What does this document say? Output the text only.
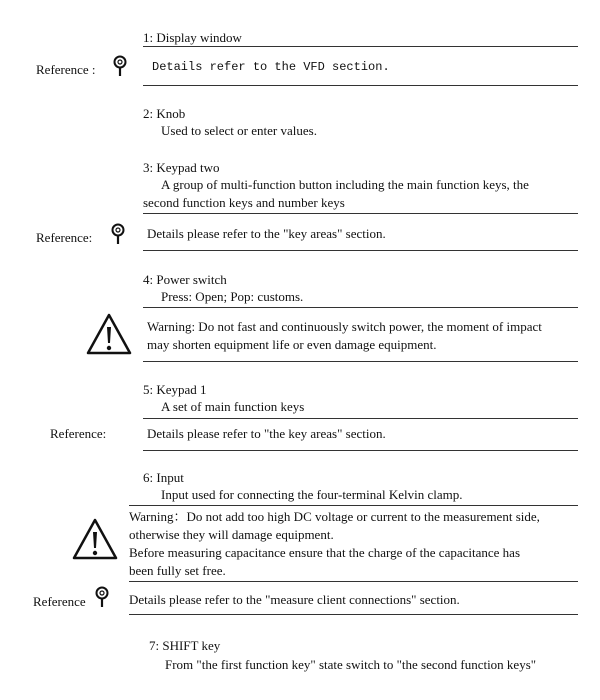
1: Display window
Reference :	Details refer to the VFD section.
2: Knob
Used to select or enter values.
3: Keypad two
A group of multi-function button including the main function keys, the
second function keys and number keys
Reference:	Details please refer to the "key areas" section.
4: Power switch
Press: Open; Pop: customs.
Warning: Do not fast and continuously switch power, the moment of impact
may shorten equipment life or even damage equipment.
5: Keypad 1
A set of main function keys
Reference:	Details please refer to "the key areas" section.
6: Input
Input used for connecting the four-terminal Kelvin clamp.
Warning：Do not add too high DC voltage or current to the measurement side,
otherwise they will damage equipment.
Before measuring capacitance ensure that the charge of the capacitance has
been fully set free.
Reference	Details please refer to the "measure client connections" section.
7: SHIFT key
From "the first function key" state switch to "the second function keys"
